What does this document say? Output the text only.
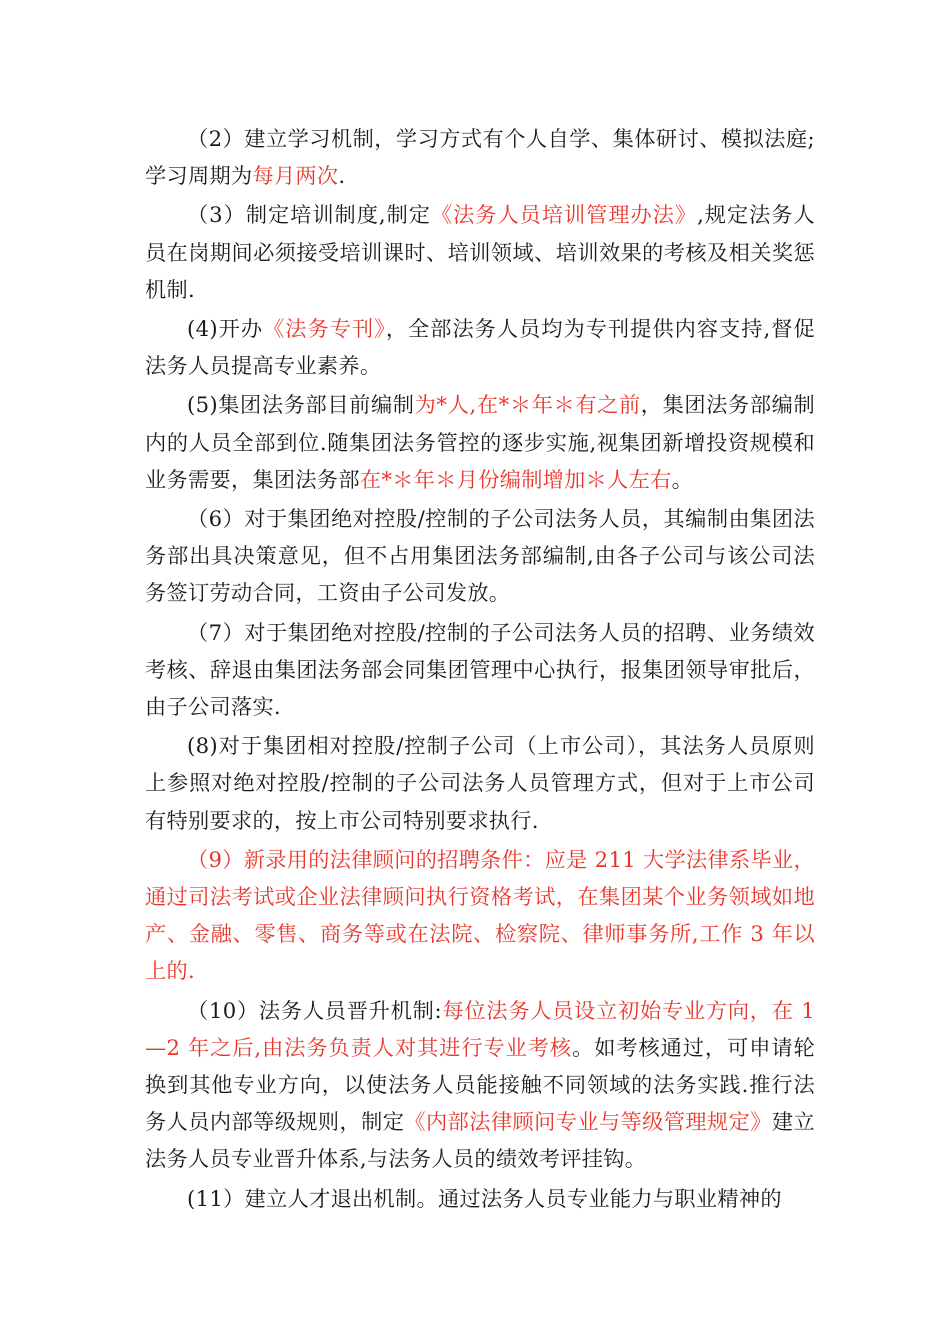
（2）建立学习机制，学习方式有个人自学、集体研讨、模拟法庭;学习周期为每月两次.

（3）制定培训制度,制定《法务人员培训管理办法》,规定法务人员在岗期间必须接受培训课时、培训领域、培训效果的考核及相关奖惩机制.

(4)开办《法务专刊》，全部法务人员均为专刊提供内容支持,督促法务人员提高专业素养。

(5)集团法务部目前编制为*人,在*＊年＊有之前，集团法务部编制内的人员全部到位.随集团法务管控的逐步实施,视集团新增投资规模和业务需要，集团法务部在*＊年＊月份编制增加＊人左右。

（6）对于集团绝对控股/控制的子公司法务人员，其编制由集团法务部出具决策意见，但不占用集团法务部编制,由各子公司与该公司法务签订劳动合同，工资由子公司发放。

（7）对于集团绝对控股/控制的子公司法务人员的招聘、业务绩效考核、辞退由集团法务部会同集团管理中心执行，报集团领导审批后，由子公司落实.

(8)对于集团相对控股/控制子公司（上市公司），其法务人员原则上参照对绝对控股/控制的子公司法务人员管理方式，但对于上市公司有特别要求的，按上市公司特别要求执行.

（9）新录用的法律顾问的招聘条件：应是 211 大学法律系毕业，通过司法考试或企业法律顾问执行资格考试，在集团某个业务领域如地产、金融、零售、商务等或在法院、检察院、律师事务所,工作 3 年以上的.

（10）法务人员晋升机制:每位法务人员设立初始专业方向，在 1—2 年之后,由法务负责人对其进行专业考核。如考核通过，可申请轮换到其他专业方向，以使法务人员能接触不同领域的法务实践.推行法务人员内部等级规则，制定《内部法律顾问专业与等级管理规定》建立法务人员专业晋升体系,与法务人员的绩效考评挂钩。

(11）建立人才退出机制。通过法务人员专业能力与职业精神的
